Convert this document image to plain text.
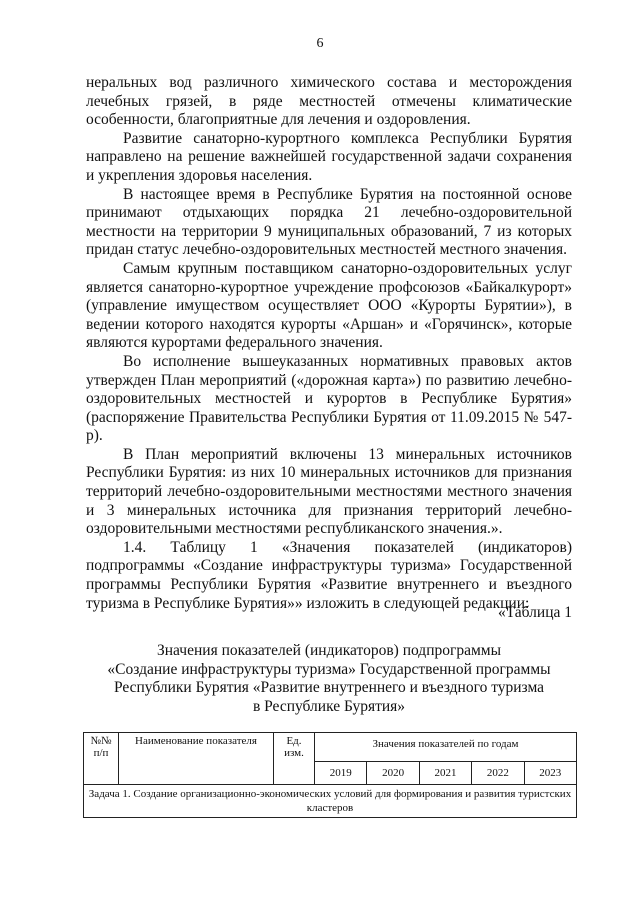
6

неральных вод различного химического состава и месторождения лечебных грязей, в ряде местностей отмечены климатические особенности, благоприятные для лечения и оздоровления.

Развитие санаторно-курортного комплекса Республики Бурятия направлено на решение важнейшей государственной задачи сохранения и укрепления здоровья населения.

В настоящее время в Республике Бурятия на постоянной основе принимают отдыхающих порядка 21 лечебно-оздоровительной местности на территории 9 муниципальных образований, 7 из которых придан статус лечебно-оздоровительных местностей местного значения.

Самым крупным поставщиком санаторно-оздоровительных услуг является санаторно-курортное учреждение профсоюзов «Байкалкурорт» (управление имуществом осуществляет ООО «Курорты Бурятии»), в ведении которого находятся курорты «Аршан» и «Горячинск», которые являются курортами федерального значения.

Во исполнение вышеуказанных нормативных правовых актов утвержден План мероприятий («дорожная карта») по развитию лечебно-оздоровительных местностей и курортов в Республике Бурятия» (распоряжение Правительства Республики Бурятия от 11.09.2015 № 547-р).

В План мероприятий включены 13 минеральных источников Республики Бурятия: из них 10 минеральных источников для признания территорий лечебно-оздоровительными местностями местного значения и 3 минеральных источника для признания территорий лечебно-оздоровительными местностями республиканского значения.».

1.4. Таблицу 1 «Значения показателей (индикаторов) подпрограммы «Создание инфраструктуры туризма» Государственной программы Республики Бурятия «Развитие внутреннего и въездного туризма в Республике Бурятия»» изложить в следующей редакции:

«Таблица 1
Значения показателей (индикаторов) подпрограммы
«Создание инфраструктуры туризма» Государственной программы
Республики Бурятия «Развитие внутреннего и въездного туризма
в Республике Бурятия»
№№ п/п	Наименование показателя	Ед. изм.	Значения показателей по годам				
			2019	2020	2021	2022	2023
Задача 1. Создание организационно-экономических условий для формирования и развития туристских кластеров							
